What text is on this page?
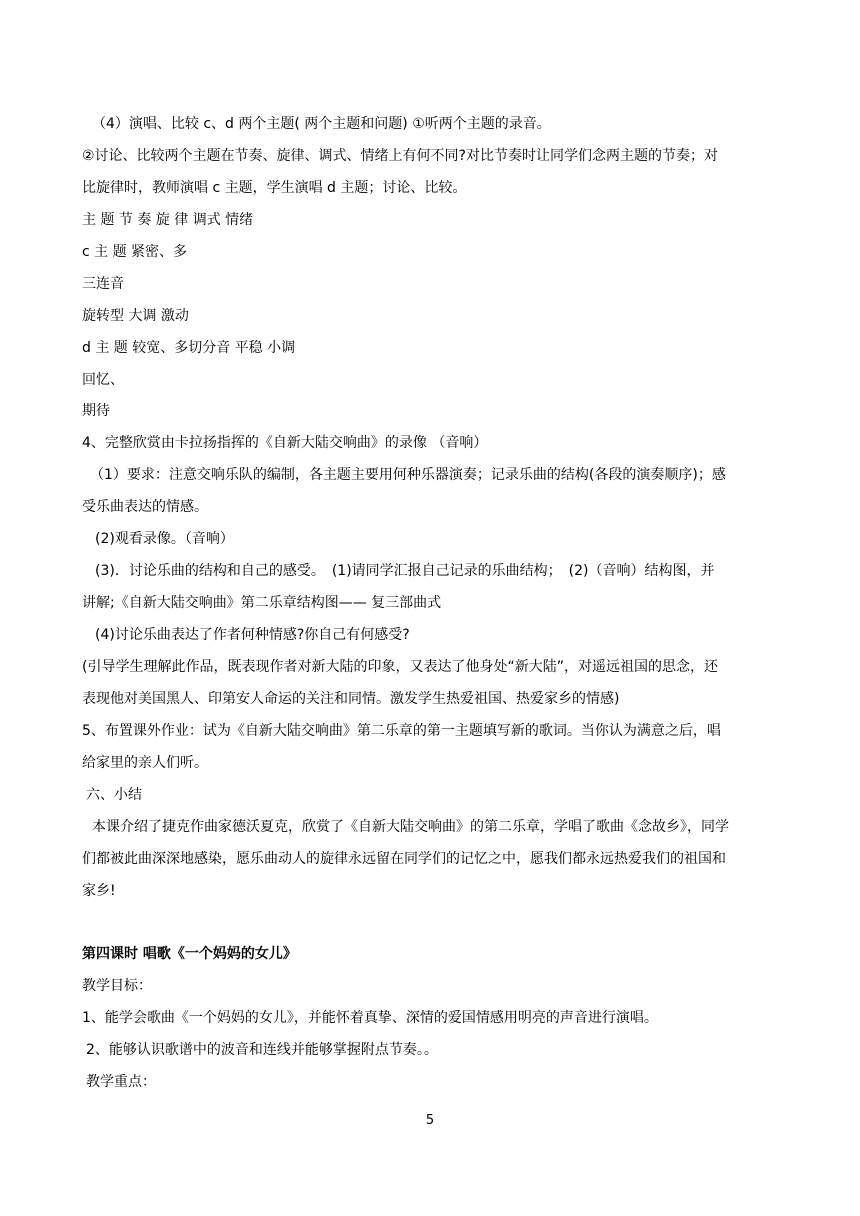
（4）演唱、比较 c、d 两个主题( 两个主题和问题) ①听两个主题的录音。
②讨论、比较两个主题在节奏、旋律、调式、情绪上有何不同?对比节奏时让同学们念两主题的节奏；对
比旋律时，教师演唱 c 主题，学生演唱 d 主题；讨论、比较。
主 题 节 奏 旋 律 调式 情绪
c 主 题 紧密、多
三连音
旋转型 大调 激动
d 主 题 较宽、多切分音 平稳 小调
回忆、
期待
4、完整欣赏由卡拉扬指挥的《自新大陆交响曲》的录像 （音响）
（1）要求：注意交响乐队的编制，各主题主要用何种乐器演奏；记录乐曲的结构(各段的演奏顺序)；感
受乐曲表达的情感。
(2)观看录像。（音响）
(3)．讨论乐曲的结构和自己的感受。　(1)请同学汇报自己记录的乐曲结构；　(2)（音响）结构图，并
讲解;《自新大陆交响曲》第二乐章结构图—— 复三部曲式
(4)讨论乐曲表达了作者何种情感?你自己有何感受?
(引导学生理解此作品，既表现作者对新大陆的印象，又表达了他身处“新大陆”，对遥远祖国的思念，还
表现他对美国黑人、印第安人命运的关注和同情。激发学生热爱祖国、热爱家乡的情感)
5、布置课外作业：试为《自新大陆交响曲》第二乐章的第一主题填写新的歌词。当你认为满意之后，唱
给家里的亲人们听。
六、小结
本课介绍了捷克作曲家德沃夏克，欣赏了《自新大陆交响曲》的第二乐章，学唱了歌曲《念故乡》，同学
们都被此曲深深地感染，愿乐曲动人的旋律永远留在同学们的记忆之中，愿我们都永远热爱我们的祖国和
家乡!
第四课时 唱歌《一个妈妈的女儿》
教学目标：
1、能学会歌曲《一个妈妈的女儿》，并能怀着真挚、深情的爱国情感用明亮的声音进行演唱。
2、能够认识歌谱中的波音和连线并能够掌握附点节奏。。
教学重点：
5
